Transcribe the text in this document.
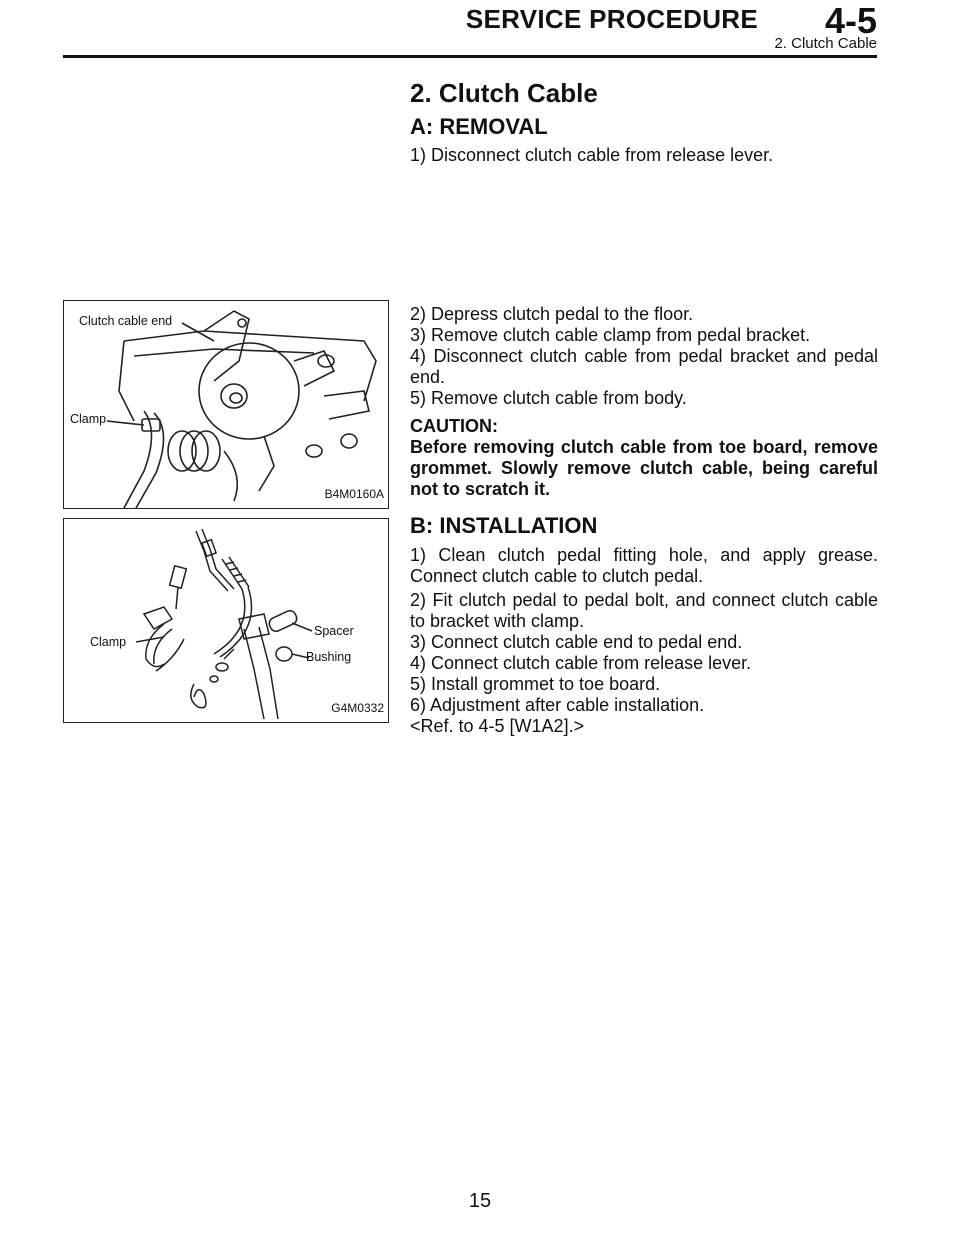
SERVICE PROCEDURE 4-5
2. Clutch Cable
2. Clutch Cable
A: REMOVAL
1) Disconnect clutch cable from release lever.
2) Depress clutch pedal to the floor.
3) Remove clutch cable clamp from pedal bracket.
4) Disconnect clutch cable from pedal bracket and pedal end.
5) Remove clutch cable from body.
CAUTION:
Before removing clutch cable from toe board, remove grommet. Slowly remove clutch cable, being careful not to scratch it.
B: INSTALLATION
1) Clean clutch pedal fitting hole, and apply grease. Connect clutch cable to clutch pedal.
2) Fit clutch pedal to pedal bolt, and connect clutch cable to bracket with clamp.
3) Connect clutch cable end to pedal end.
4) Connect clutch cable from release lever.
5) Install grommet to toe board.
6) Adjustment after cable installation.
<Ref. to 4-5 [W1A2].>
Clutch cable end
Clamp
B4M0160A
Clamp
Spacer
Bushing
G4M0332
15
